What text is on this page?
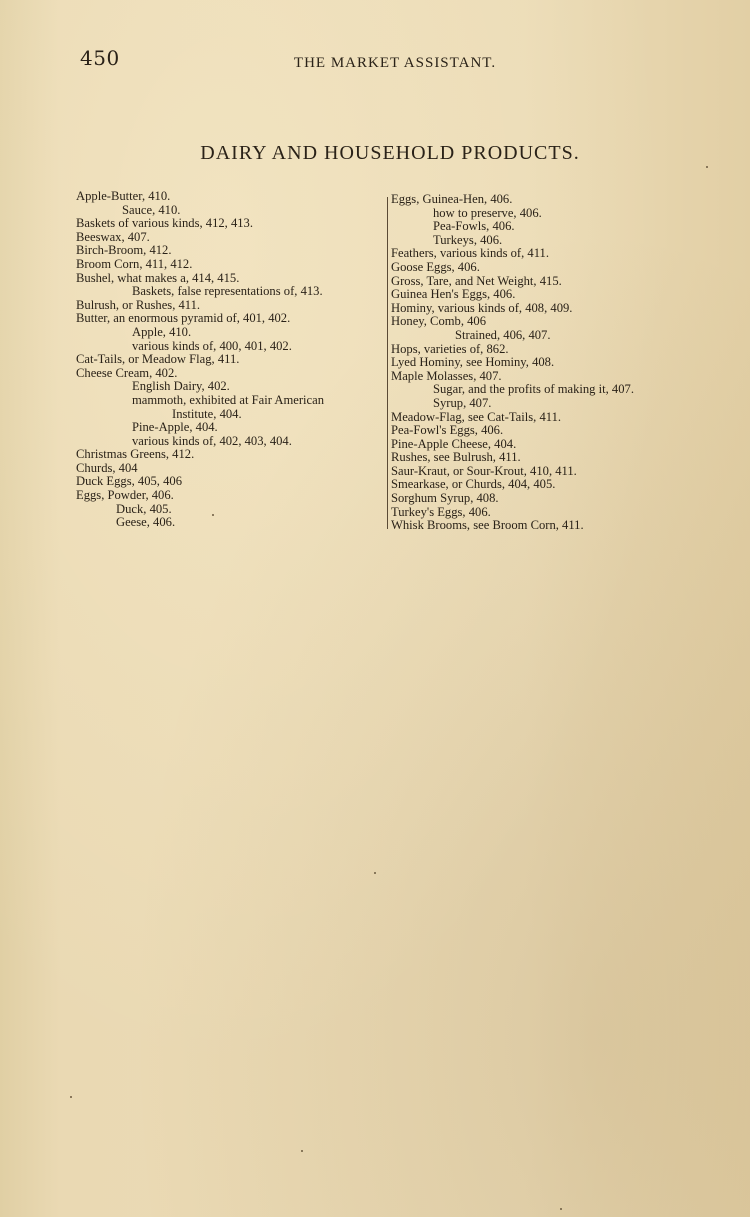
450	THE MARKET ASSISTANT.
DAIRY AND HOUSEHOLD PRODUCTS.
Apple-Butter, 410.
Sauce, 410.
Baskets of various kinds, 412, 413.
Beeswax, 407.
Birch-Broom, 412.
Broom Corn, 411, 412.
Bushel, what makes a, 414, 415.
Baskets, false representations of, 413.
Bulrush, or Rushes, 411.
Butter, an enormous pyramid of, 401, 402.
Apple, 410.
various kinds of, 400, 401, 402.
Cat-Tails, or Meadow Flag, 411.
Cheese Cream, 402.
English Dairy, 402.
mammoth, exhibited at Fair American
Institute, 404.
Pine-Apple, 404.
various kinds of, 402, 403, 404.
Christmas Greens, 412.
Churds, 404
Duck Eggs, 405, 406
Eggs, Powder, 406.
Duck, 405.
Geese, 406.
Eggs, Guinea-Hen, 406.
how to preserve, 406.
Pea-Fowls, 406.
Turkeys, 406.
Feathers, various kinds of, 411.
Goose Eggs, 406.
Gross, Tare, and Net Weight, 415.
Guinea Hen's Eggs, 406.
Hominy, various kinds of, 408, 409.
Honey, Comb, 406
Strained, 406, 407.
Hops, varieties of, 862.
Lyed Hominy, see Hominy, 408.
Maple Molasses, 407.
Sugar, and the profits of making it, 407.
Syrup, 407.
Meadow-Flag, see Cat-Tails, 411.
Pea-Fowl's Eggs, 406.
Pine-Apple Cheese, 404.
Rushes, see Bulrush, 411.
Saur-Kraut, or Sour-Krout, 410, 411.
Smearkase, or Churds, 404, 405.
Sorghum Syrup, 408.
Turkey's Eggs, 406.
Whisk Brooms, see Broom Corn, 411.
